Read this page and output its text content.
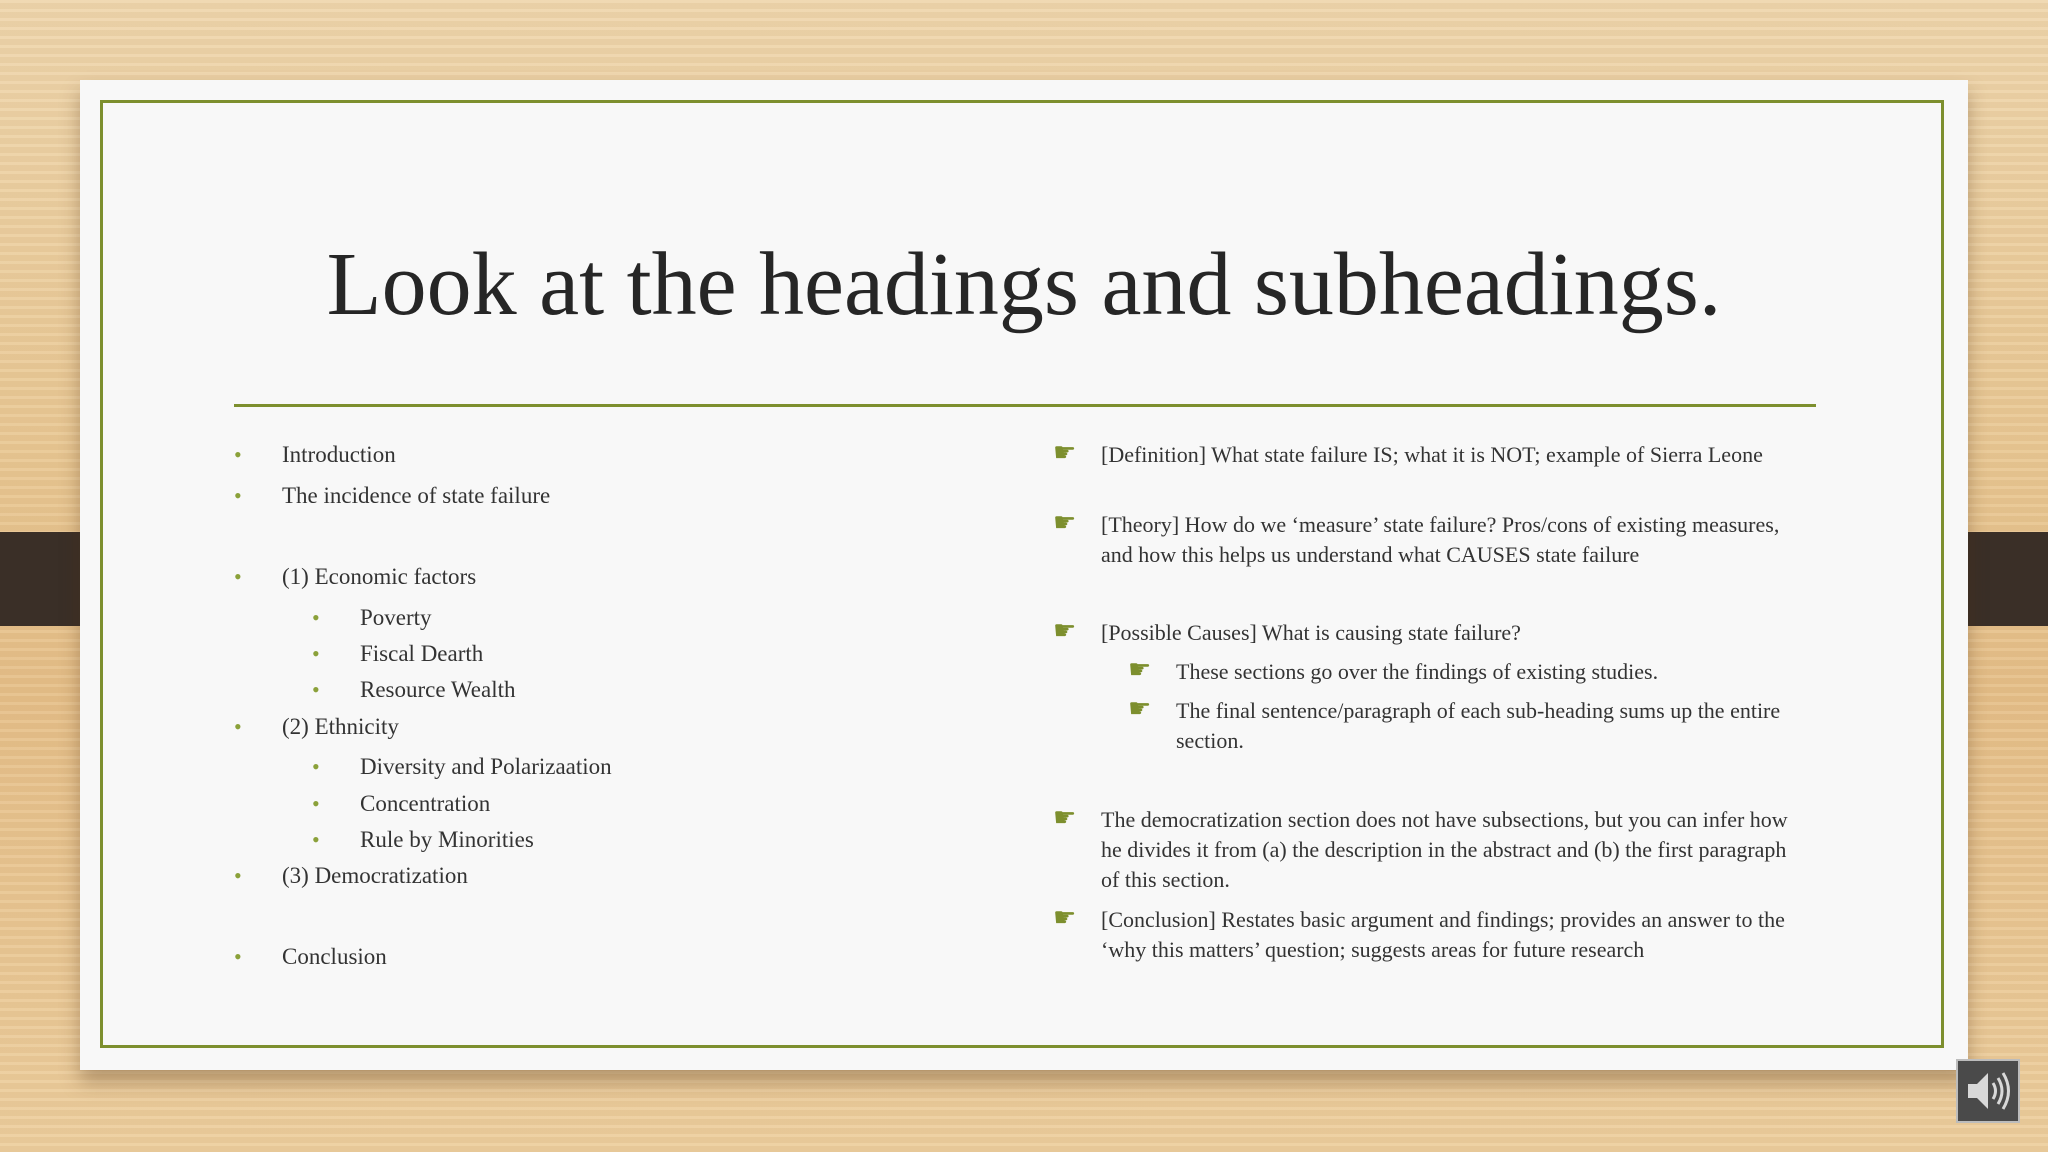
Look at the headings and subheadings.
• Introduction
• The incidence of state failure
• (1) Economic factors
• Poverty
• Fiscal Dearth
• Resource Wealth
• (2) Ethnicity
• Diversity and Polarizaation
• Concentration
• Rule by Minorities
• (3) Democratization
• Conclusion
☛ [Definition] What state failure IS; what it is NOT; example of Sierra Leone
☛ [Theory] How do we ‘measure’ state failure? Pros/cons of existing measures, and how this helps us understand what CAUSES state failure
☛ [Possible Causes] What is causing state failure?
☛ These sections go over the findings of existing studies.
☛ The final sentence/paragraph of each sub-heading sums up the entire section.
☛ The democratization section does not have subsections, but you can infer how he divides it from (a) the description in the abstract and (b) the first paragraph of this section.
☛ [Conclusion] Restates basic argument and findings; provides an answer to the ‘why this matters’ question; suggests areas for future research
